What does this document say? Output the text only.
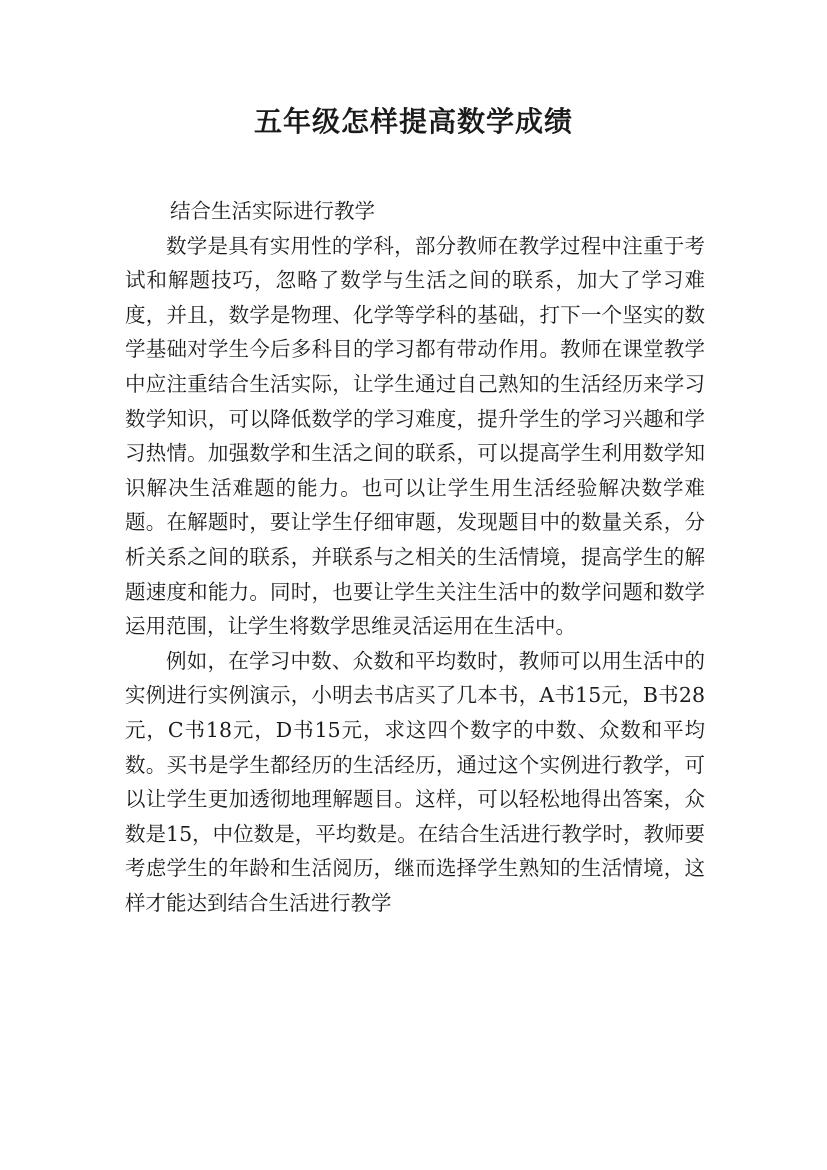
五年级怎样提高数学成绩

结合生活实际进行教学

数学是具有实用性的学科，部分教师在教学过程中注重于考试和解题技巧，忽略了数学与生活之间的联系，加大了学习难度，并且，数学是物理、化学等学科的基础，打下一个坚实的数学基础对学生今后多科目的学习都有带动作用。教师在课堂教学中应注重结合生活实际，让学生通过自己熟知的生活经历来学习数学知识，可以降低数学的学习难度，提升学生的学习兴趣和学习热情。加强数学和生活之间的联系，可以提高学生利用数学知识解决生活难题的能力。也可以让学生用生活经验解决数学难题。在解题时，要让学生仔细审题，发现题目中的数量关系，分析关系之间的联系，并联系与之相关的生活情境，提高学生的解题速度和能力。同时，也要让学生关注生活中的数学问题和数学运用范围，让学生将数学思维灵活运用在生活中。

例如，在学习中数、众数和平均数时，教师可以用生活中的实例进行实例演示，小明去书店买了几本书，A书15元，B书28元，C书18元，D书15元，求这四个数字的中数、众数和平均数。买书是学生都经历的生活经历，通过这个实例进行教学，可以让学生更加透彻地理解题目。这样，可以轻松地得出答案，众数是15，中位数是，平均数是。在结合生活进行教学时，教师要考虑学生的年龄和生活阅历，继而选择学生熟知的生活情境，这样才能达到结合生活进行教学
